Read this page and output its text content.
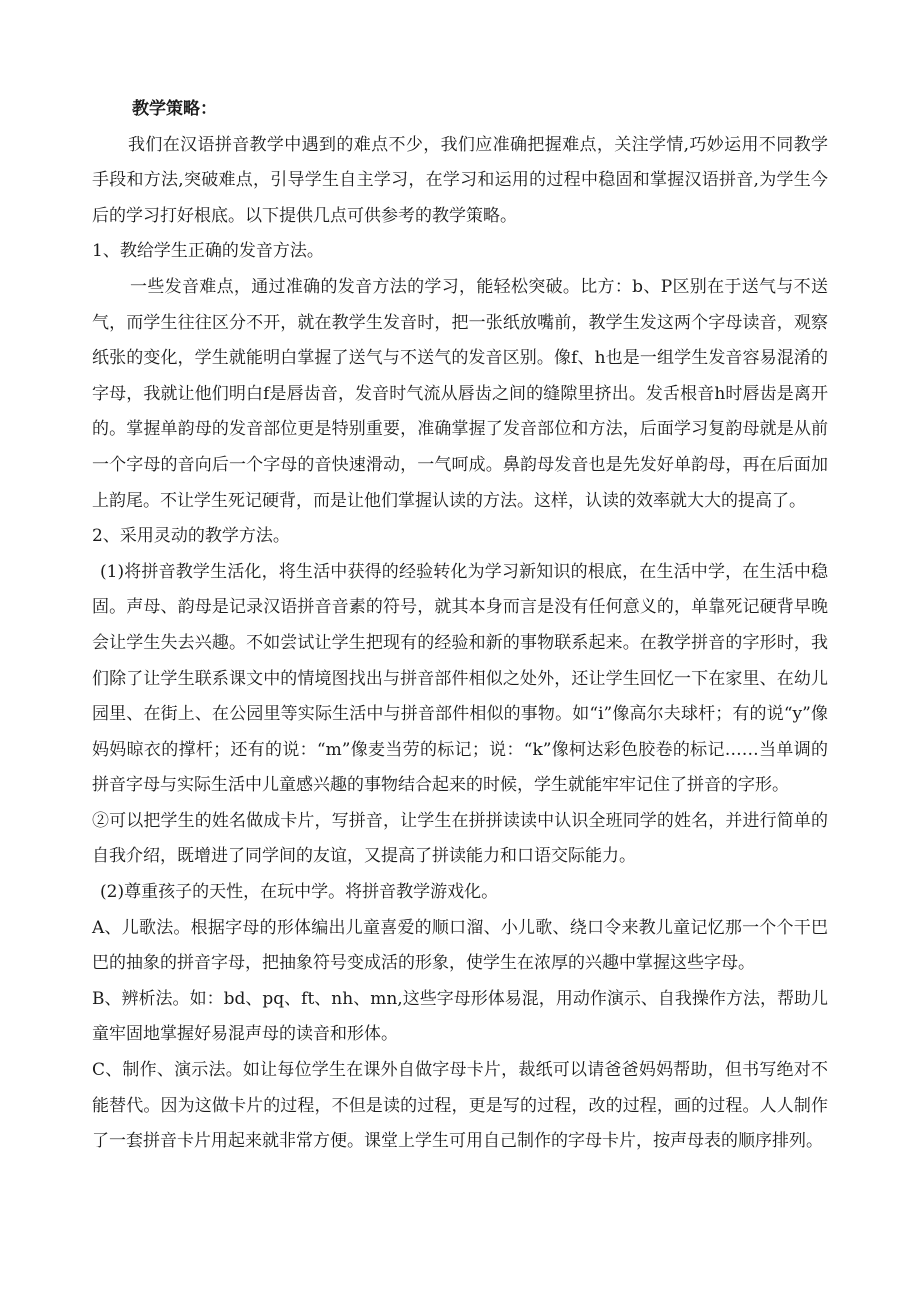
教学策略：

我们在汉语拼音教学中遇到的难点不少，我们应准确把握难点，关注学情,巧妙运用不同教学手段和方法,突破难点，引导学生自主学习，在学习和运用的过程中稳固和掌握汉语拼音,为学生今后的学习打好根底。以下提供几点可供参考的教学策略。

1、教给学生正确的发音方法。

一些发音难点，通过准确的发音方法的学习，能轻松突破。比方：b、P区别在于送气与不送气，而学生往往区分不开，就在教学生发音时，把一张纸放嘴前，教学生发这两个字母读音，观察纸张的变化，学生就能明白掌握了送气与不送气的发音区别。像f、h也是一组学生发音容易混淆的字母，我就让他们明白f是唇齿音，发音时气流从唇齿之间的缝隙里挤出。发舌根音h时唇齿是离开的。掌握单韵母的发音部位更是特别重要，准确掌握了发音部位和方法，后面学习复韵母就是从前一个字母的音向后一个字母的音快速滑动，一气呵成。鼻韵母发音也是先发好单韵母，再在后面加上韵尾。不让学生死记硬背，而是让他们掌握认读的方法。这样，认读的效率就大大的提高了。

2、采用灵动的教学方法。

(1)将拼音教学生活化，将生活中获得的经验转化为学习新知识的根底，在生活中学，在生活中稳固。声母、韵母是记录汉语拼音音素的符号，就其本身而言是没有任何意义的，单靠死记硬背早晚会让学生失去兴趣。不如尝试让学生把现有的经验和新的事物联系起来。在教学拼音的字形时，我们除了让学生联系课文中的情境图找出与拼音部件相似之处外，还让学生回忆一下在家里、在幼儿园里、在街上、在公园里等实际生活中与拼音部件相似的事物。如“i”像高尔夫球杆；有的说“y”像妈妈晾衣的撑杆；还有的说：“m”像麦当劳的标记；说：“k”像柯达彩色胶卷的标记……当单调的拼音字母与实际生活中儿童感兴趣的事物结合起来的时候，学生就能牢牢记住了拼音的字形。

②可以把学生的姓名做成卡片，写拼音，让学生在拼拼读读中认识全班同学的姓名，并进行简单的自我介绍，既增进了同学间的友谊，又提高了拼读能力和口语交际能力。

(2)尊重孩子的天性，在玩中学。将拼音教学游戏化。

A、儿歌法。根据字母的形体编出儿童喜爱的顺口溜、小儿歌、绕口令来教儿童记忆那一个个干巴巴的抽象的拼音字母，把抽象符号变成活的形象，使学生在浓厚的兴趣中掌握这些字母。

B、辨析法。如：bd、pq、ft、nh、mn,这些字母形体易混，用动作演示、自我操作方法，帮助儿童牢固地掌握好易混声母的读音和形体。

C、制作、演示法。如让每位学生在课外自做字母卡片，裁纸可以请爸爸妈妈帮助，但书写绝对不能替代。因为这做卡片的过程，不但是读的过程，更是写的过程，改的过程，画的过程。人人制作了一套拼音卡片用起来就非常方便。课堂上学生可用自己制作的字母卡片，按声母表的顺序排列。
